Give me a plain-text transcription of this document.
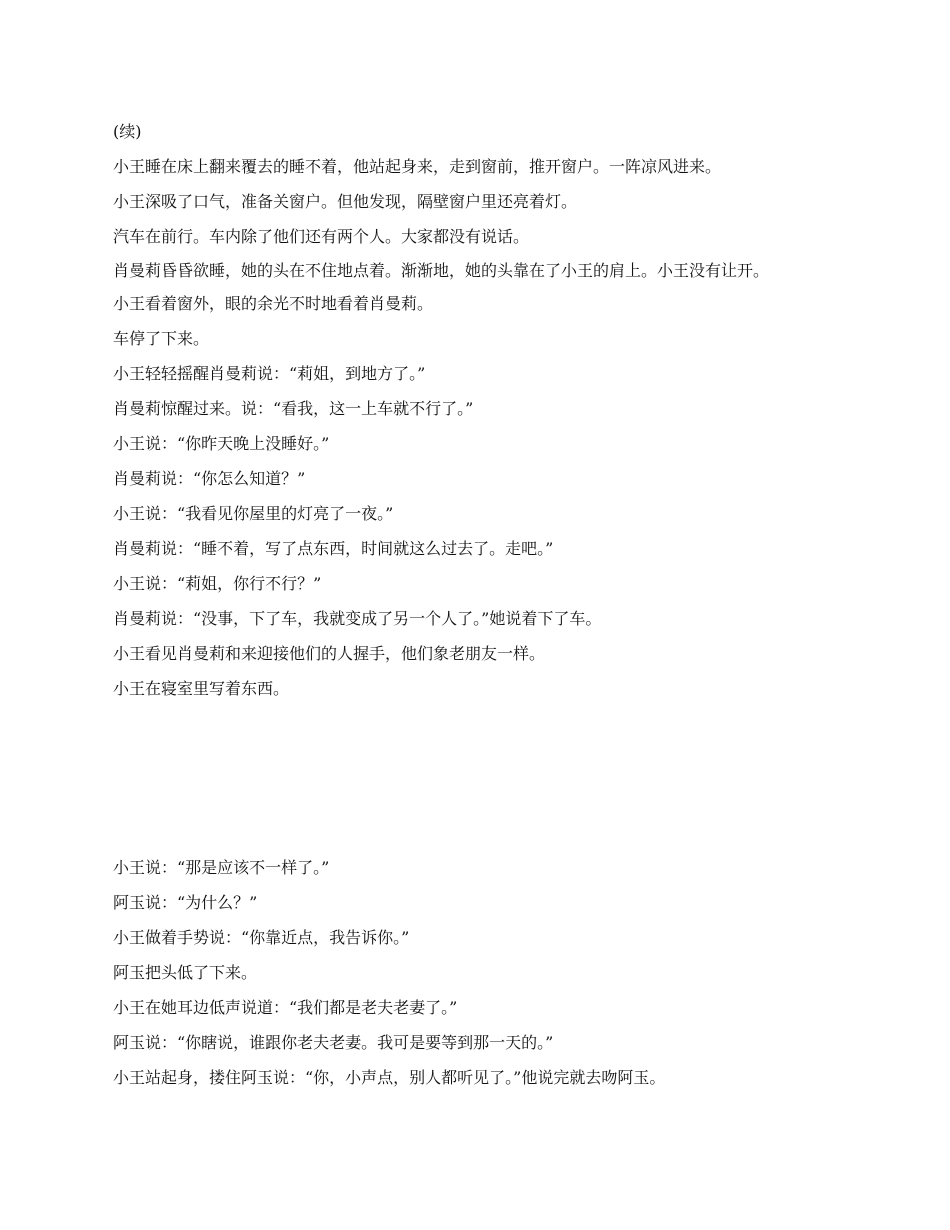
(续)

小王睡在床上翻来覆去的睡不着，他站起身来，走到窗前，推开窗户。一阵凉风进来。

小王深吸了口气，准备关窗户。但他发现，隔壁窗户里还亮着灯。

汽车在前行。车内除了他们还有两个人。大家都没有说话。

肖曼莉昏昏欲睡，她的头在不住地点着。渐渐地，她的头靠在了小王的肩上。小王没有让开。

小王看着窗外，眼的余光不时地看着肖曼莉。

车停了下来。

小王轻轻摇醒肖曼莉说：“莉姐，到地方了。”

肖曼莉惊醒过来。说：“看我，这一上车就不行了。”

小王说：“你昨天晚上没睡好。”

肖曼莉说：“你怎么知道？”

小王说：“我看见你屋里的灯亮了一夜。”

肖曼莉说：“睡不着，写了点东西，时间就这么过去了。走吧。”

小王说：“莉姐，你行不行？”

肖曼莉说：“没事，下了车，我就变成了另一个人了。”她说着下了车。

小王看见肖曼莉和来迎接他们的人握手，他们象老朋友一样。

小王在寝室里写着东西。

小王说：“那是应该不一样了。”

阿玉说：“为什么？”

小王做着手势说：“你靠近点，我告诉你。”

阿玉把头低了下来。

小王在她耳边低声说道：“我们都是老夫老妻了。”

阿玉说：“你瞎说，谁跟你老夫老妻。我可是要等到那一天的。”

小王站起身，搂住阿玉说：“你，小声点，别人都听见了。”他说完就去吻阿玉。
